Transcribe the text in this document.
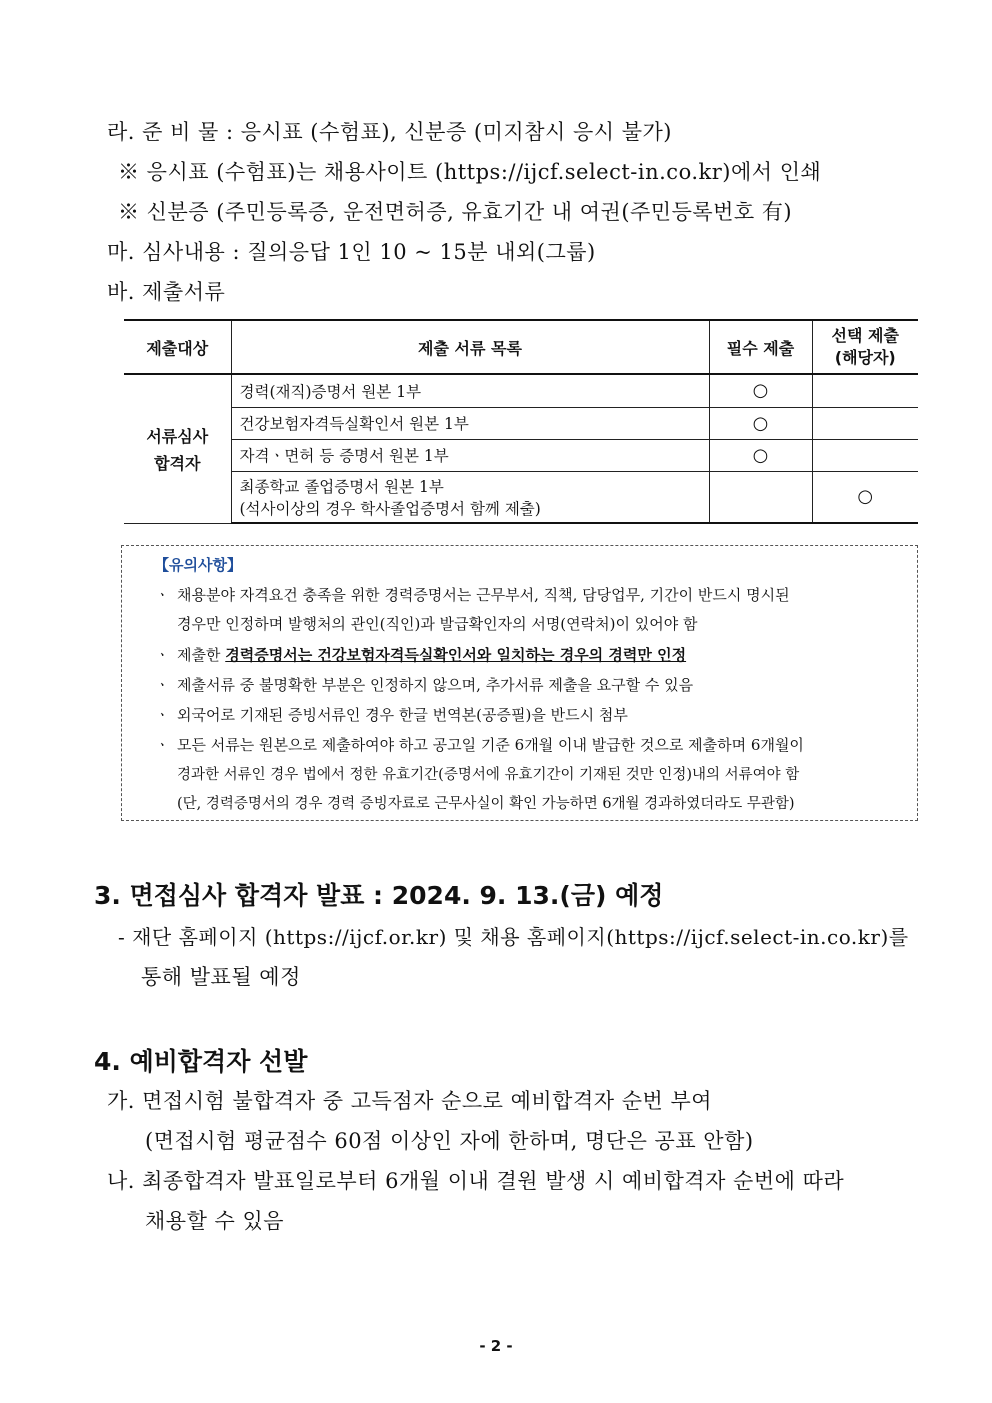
라. 준 비 물 : 응시표 (수험표), 신분증 (미지참시 응시 불가)
※ 응시표 (수험표)는 채용사이트 (https://ijcf.select-in.co.kr)에서 인쇄
※ 신분증 (주민등록증, 운전면허증, 유효기간 내 여권(주민등록번호 有)
마. 심사내용 : 질의응답 1인 10 ~ 15분 내외(그룹)
바. 제출서류
제출대상	제출 서류 목록	필수 제출	선택 제출
(해당자)

서류심사
합격자	경력(재직)증명서 원본 1부	○	
	건강보험자격득실확인서 원본 1부	○	
	자격ㆍ면허 등 증명서 원본 1부	○	

	최종학교 졸업증명서 원본 1부
(석사이상의 경우 학사졸업증명서 함께 제출)		○
【유의사항】
ㆍ 채용분야 자격요건 충족을 위한 경력증명서는 근무부서, 직책, 담당업무, 기간이 반드시 명시된
경우만 인정하며 발행처의 관인(직인)과 발급확인자의 서명(연락처)이 있어야 함
ㆍ 제출한 경력증명서는 건강보험자격득실확인서와 일치하는 경우의 경력만 인정
ㆍ 제출서류 중 불명확한 부분은 인정하지 않으며, 추가서류 제출을 요구할 수 있음
ㆍ 외국어로 기재된 증빙서류인 경우 한글 번역본(공증필)을 반드시 첨부
ㆍ 모든 서류는 원본으로 제출하여야 하고 공고일 기준 6개월 이내 발급한 것으로 제출하며 6개월이
경과한 서류인 경우 법에서 정한 유효기간(증명서에 유효기간이 기재된 것만 인정)내의 서류여야 함
(단, 경력증명서의 경우 경력 증빙자료로 근무사실이 확인 가능하면 6개월 경과하였더라도 무관함)
3. 면접심사 합격자 발표 : 2024. 9. 13.(금) 예정
- 재단 홈페이지 (https://ijcf.or.kr) 및 채용 홈페이지(https://ijcf.select-in.co.kr)를
통해 발표될 예정
4. 예비합격자 선발
가. 면접시험 불합격자 중 고득점자 순으로 예비합격자 순번 부여
(면접시험 평균점수 60점 이상인 자에 한하며, 명단은 공표 안함)
나. 최종합격자 발표일로부터 6개월 이내 결원 발생 시 예비합격자 순번에 따라
채용할 수 있음
- 2 -
